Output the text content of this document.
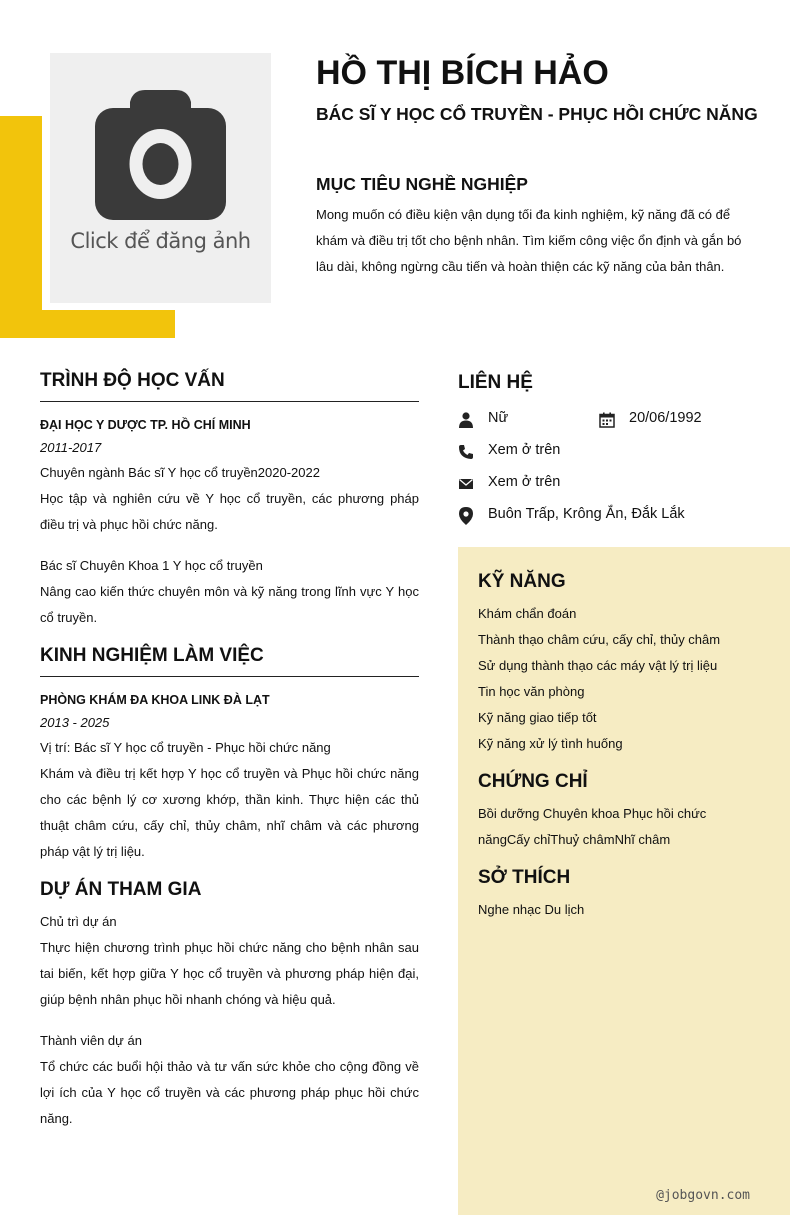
Click để đăng ảnh
HỒ THỊ BÍCH HẢO
BÁC SĨ Y HỌC CỔ TRUYỀN - PHỤC HỒI CHỨC NĂNG
MỤC TIÊU NGHỀ NGHIỆP
Mong muốn có điều kiện vận dụng tối đa kinh nghiệm, kỹ năng đã có để khám và điều trị tốt cho bệnh nhân. Tìm kiếm công việc ổn định và gắn bó lâu dài, không ngừng cầu tiến và hoàn thiện các kỹ năng của bản thân.
TRÌNH ĐỘ HỌC VẤN
ĐẠI HỌC Y DƯỢC TP. HỒ CHÍ MINH
2011-2017
Chuyên ngành Bác sĩ Y học cổ truyền2020-2022
Học tập và nghiên cứu về Y học cổ truyền, các phương pháp điều trị và phục hồi chức năng.
Bác sĩ Chuyên Khoa 1 Y học cổ truyền
Nâng cao kiến thức chuyên môn và kỹ năng trong lĩnh vực Y học cổ truyền.
KINH NGHIỆM LÀM VIỆC
PHÒNG KHÁM ĐA KHOA LINK ĐÀ LẠT
2013 - 2025
Vị trí: Bác sĩ Y học cổ truyền - Phục hồi chức năng
Khám và điều trị kết hợp Y học cổ truyền và Phục hồi chức năng cho các bệnh lý cơ xương khớp, thần kinh. Thực hiện các thủ thuật châm cứu, cấy chỉ, thủy châm, nhĩ châm và các phương pháp vật lý trị liệu.
DỰ ÁN THAM GIA
Chủ trì dự án
Thực hiện chương trình phục hồi chức năng cho bệnh nhân sau tai biến, kết hợp giữa Y học cổ truyền và phương pháp hiện đại, giúp bệnh nhân phục hồi nhanh chóng và hiệu quả.
Thành viên dự án
Tổ chức các buổi hội thảo và tư vấn sức khỏe cho cộng đồng về lợi ích của Y học cổ truyền và các phương pháp phục hồi chức năng.
LIÊN HỆ
Nữ	20/06/1992
Xem ở trên
Xem ở trên
Buôn Trấp, Krông Ắn, Đắk Lắk
KỸ NĂNG
Khám chẩn đoán
Thành thạo châm cứu, cấy chỉ, thủy châm
Sử dụng thành thạo các máy vật lý trị liệu
Tin học văn phòng
Kỹ năng giao tiếp tốt
Kỹ năng xử lý tình huống
CHỨNG CHỈ
Bồi dưỡng Chuyên khoa Phục hồi chức năngCấy chỉThuỷ châmNhĩ châm
SỞ THÍCH
Nghe nhạc Du lịch
@jobgovn.com
